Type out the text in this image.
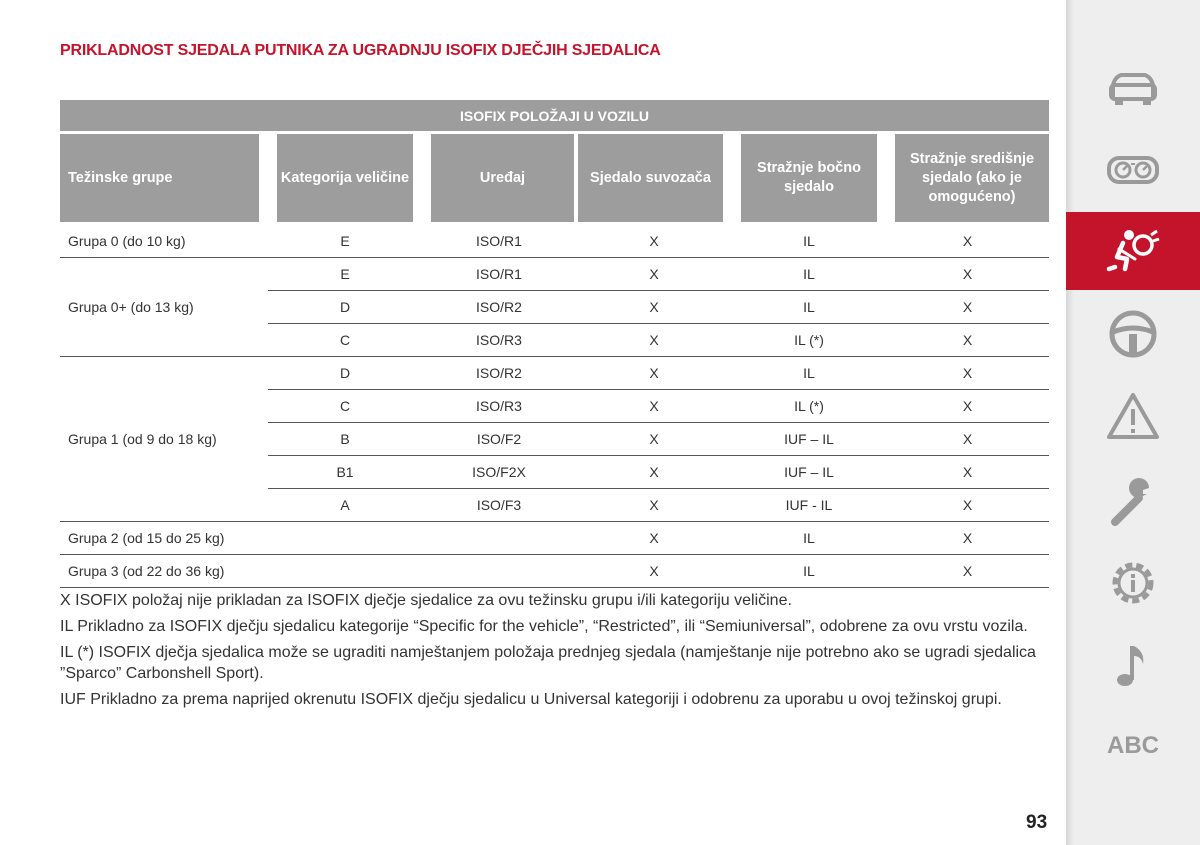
PRIKLADNOST SJEDALA PUTNIKA ZA UGRADNJU ISOFIX DJEČJIH SJEDALICA
ISOFIX POLOŽAJI U VOZILU					
Težinske grupe	Kategorija veličine	Uređaj	Sjedalo suvozača	Stražnje bočno sjedalo	Stražnje središnje sjedalo (ako je omogućeno)

Grupa 0 (do 10 kg)	E	ISO/R1	X	IL	X
Grupa 0+ (do 13 kg)	E	ISO/R1	X	IL	X
	D	ISO/R2	X	IL	X
	C	ISO/R3	X	IL (*)	X
Grupa 1 (od 9 do 18 kg)	D	ISO/R2	X	IL	X
	C	ISO/R3	X	IL (*)	X
	B	ISO/F2	X	IUF – IL	X
	B1	ISO/F2X	X	IUF – IL	X
	A	ISO/F3	X	IUF - IL	X
Grupa 2 (od 15 do 25 kg)			X	IL	X
Grupa 3 (od 22 do 36 kg)			X	IL	X

X ISOFIX položaj nije prikladan za ISOFIX dječje sjedalice za ovu težinsku grupu i/ili kategoriju veličine.

IL Prikladno za ISOFIX dječju sjedalicu kategorije “Specific for the vehicle”, “Restricted”, ili “Semiuniversal”, odobrene za ovu vrstu vozila.

IL (*) ISOFIX dječja sjedalica može se ugraditi namještanjem položaja prednjeg sjedala (namještanje nije potrebno ako se ugradi sjedalica ”Sparco” Carbonshell Sport).

IUF Prikladno za prema naprijed okrenutu ISOFIX dječju sjedalicu u Universal kategoriji i odobrenu za uporabu u ovoj težinskoj grupi.

93
ABC
